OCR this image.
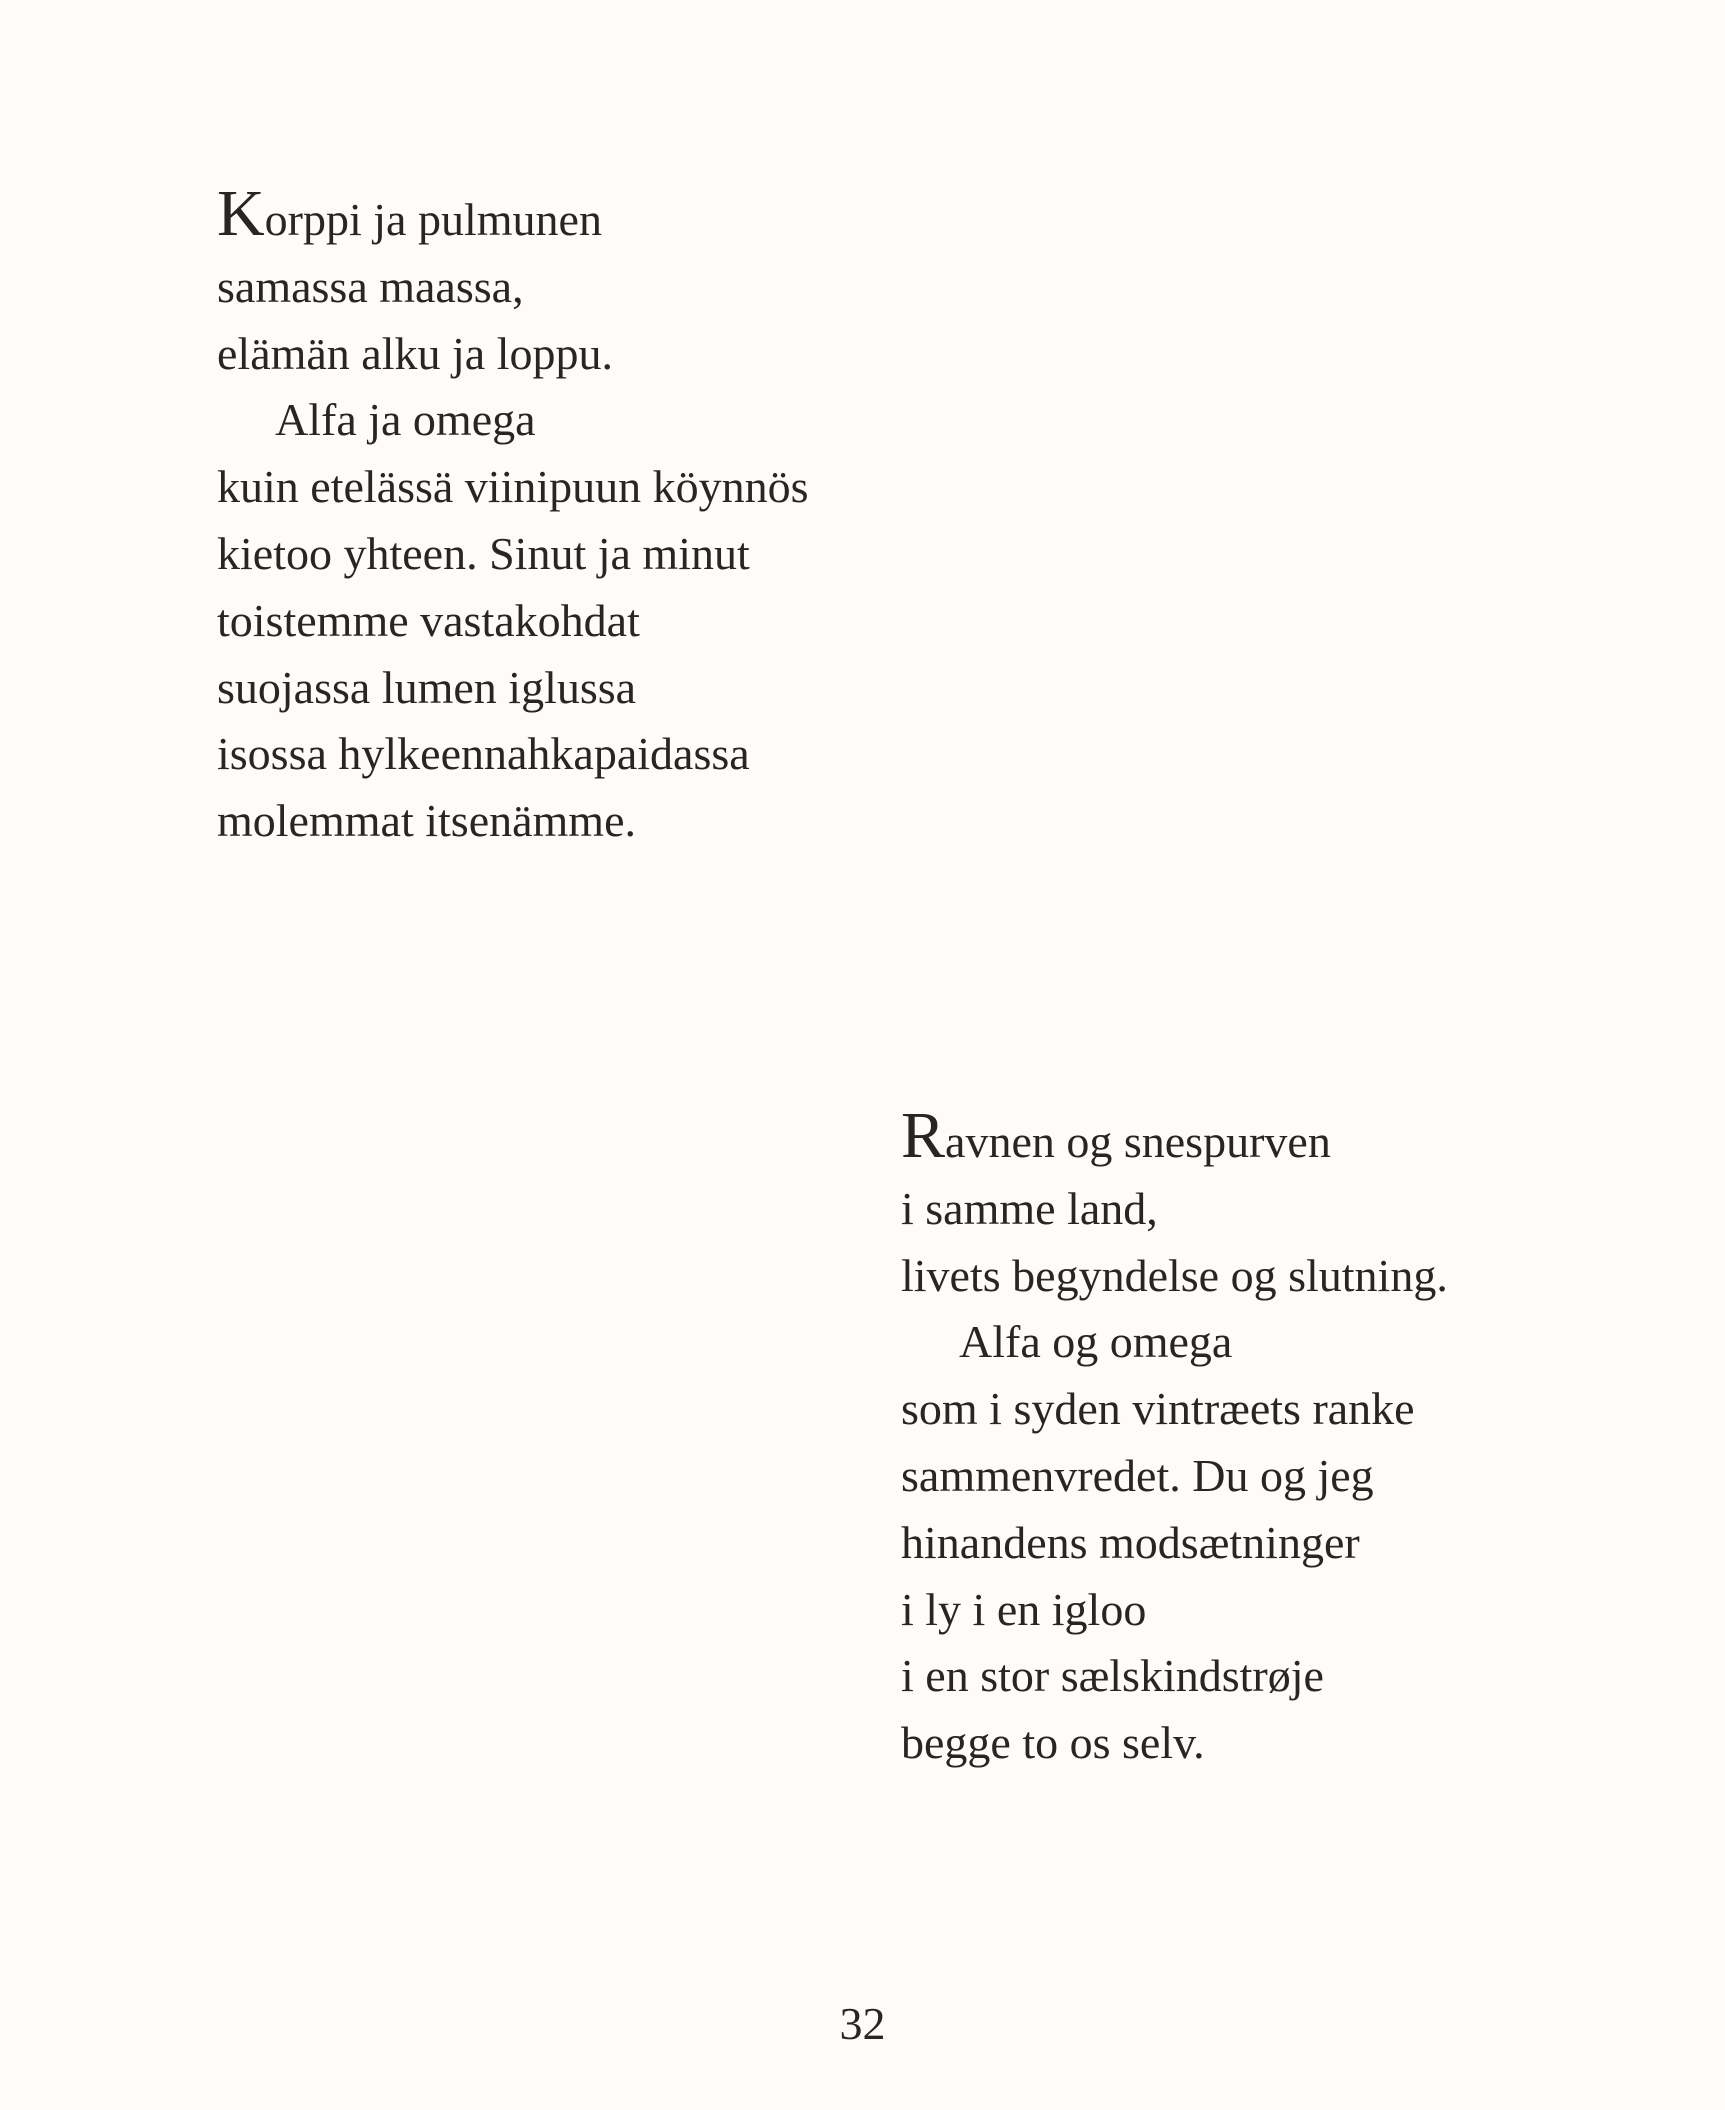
Korppi ja pulmunen
samassa maassa,
elämän alku ja loppu.
Alfa ja omega
kuin etelässä viinipuun köynnös
kietoo yhteen. Sinut ja minut
toistemme vastakohdat
suojassa lumen iglussa
isossa hylkeennahkapaidassa
molemmat itsenämme.
Ravnen og snespurven
i samme land,
livets begyndelse og slutning.
Alfa og omega
som i syden vintræets ranke
sammenvredet. Du og jeg
hinandens modsætninger
i ly i en igloo
i en stor sælskindstrøje
begge to os selv.
32
